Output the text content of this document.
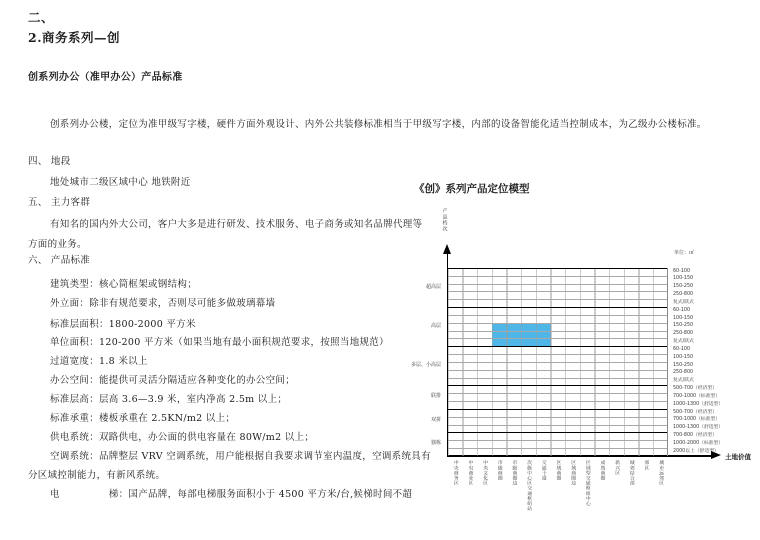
二、
2.商务系列—创
创系列办公（准甲办公）产品标准
创系列办公楼，定位为准甲级写字楼，硬件方面外观设计、内外公共装修标准相当于甲级写字楼，内部的设备智能化适当控制成本，为乙级办公楼标准。
四、 地段
地处城市二级区域中心 地铁附近
五、 主力客群
有知名的国内外大公司，客户大多是进行研发、技术服务、电子商务或知名品牌代理等
方面的业务。
六、 产品标准
建筑类型：核心筒框架或钢结构；
外立面：除非有规范要求，否则尽可能多做玻璃幕墙
标准层面积：1800-2000 平方米
单位面积：120-200 平方米（如果当地有最小面积规范要求，按照当地规范）
过道宽度：1.8 米以上
办公空间：能提供可灵活分隔适应各种变化的办公空间；
标准层高：层高 3.6—3.9 米，室内净高 2.5m 以上；
标准承重：楼板承重在 2.5KN/m2 以上；
供电系统：双路供电，办公面的供电容量在 80W/m2 以上；
空调系统：品牌整层 VRV 空调系统，用户能根据自我要求调节室内温度，空调系统具有
分区域控制能力，有新风系统。
电　　　　　梯：国产品牌，每部电梯服务面积小于 4500 平方米/台,候梯时间不超
《创》系列产品定位模型
产品档次
土地价值
单位：㎡
超高层
高层
多层、小高层
联排
双拼
独栋
60-100
100-150
150-250
250-800
复式/跃式
60-100
100-150
150-250
250-800
复式/跃式
60-100
100-150
150-250
250-800
复式/跃式
500-700（经济型）
700-1000（标准型）
1000-1300（舒适型）
500-700（经济型）
700-1000（标准型）
1000-1300（舒适型）
700-800（经济型）
1000-2000（标准型）
2000以上（舒适型）
中央商务区 中央商业区 中央文化区 市级商圈 市级商圈边 次级中心区交通枢纽站 交通干道 区域商圈 区域商圈边 区域型交通枢纽中心 成熟商圈 新兴区 城郊结合部 郊区 城市远郊区
